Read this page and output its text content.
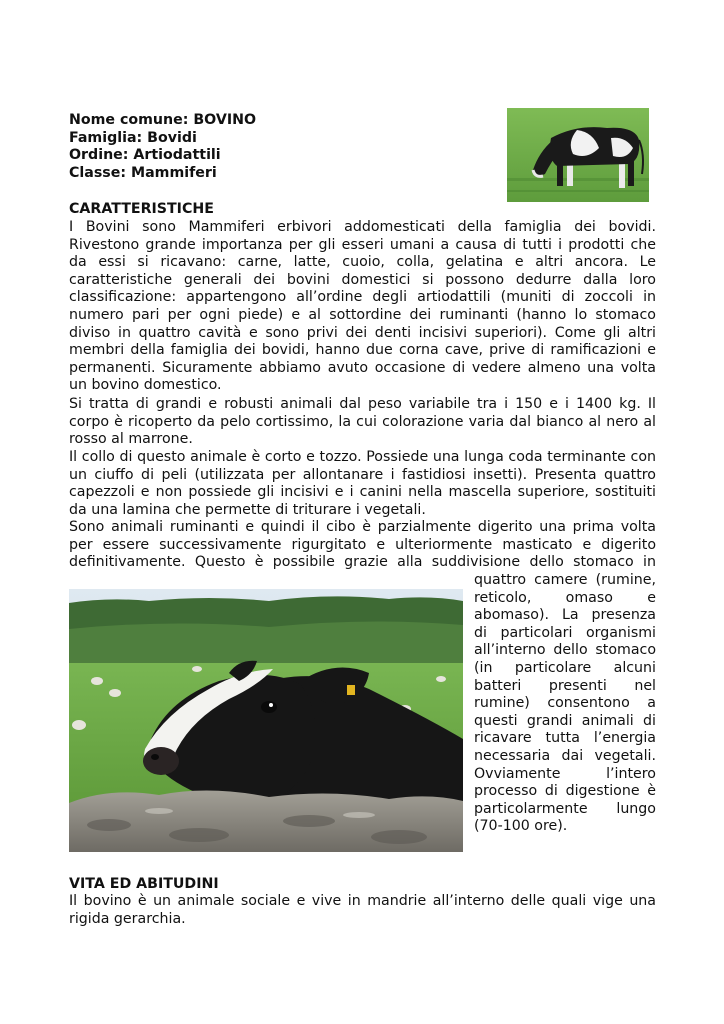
Nome comune: BOVINO
Famiglia: Bovidi
Ordine: Artiodattili
Classe: Mammiferi
CARATTERISTICHE
I Bovini sono Mammiferi erbivori addomesticati della famiglia dei bovidi. Rivestono grande importanza per gli esseri umani a causa di tutti i prodotti che da essi si ricavano: carne, latte, cuoio, colla, gelatina e altri ancora. Le caratteristiche generali dei bovini domestici si possono dedurre dalla loro classificazione: appartengono all’ordine degli artiodattili (muniti di zoccoli in numero pari per ogni piede) e al sottordine dei ruminanti (hanno lo stomaco diviso in quattro cavità e sono privi dei denti incisivi superiori). Come gli altri membri della famiglia dei bovidi, hanno due corna cave, prive di ramificazioni e permanenti. Sicuramente abbiamo avuto occasione di vedere almeno una volta un bovino domestico.
Si tratta di grandi e robusti animali dal peso variabile tra i 150 e i 1400 kg. Il corpo è ricoperto da pelo cortissimo, la cui colorazione varia dal bianco al nero al rosso al marrone.
Il collo di questo animale è corto e tozzo. Possiede una lunga coda terminante con un ciuffo di peli (utilizzata per allontanare i fastidiosi insetti). Presenta quattro capezzoli e non possiede gli incisivi e i canini nella mascella superiore, sostituiti da una lamina che permette di triturare i vegetali.
Sono animali ruminanti e quindi il cibo è parzialmente digerito una prima volta per essere successivamente rigurgitato e ulteriormente masticato e digerito definitivamente. Questo è possibile grazie alla suddivisione dello stomaco in
quattro camere (rumine, reticolo, omaso e abomaso). La presenza di particolari organismi all’interno dello stomaco (in particolare alcuni batteri presenti nel rumine) consentono a questi grandi animali di ricavare tutta l’energia necessaria dai vegetali. Ovviamente l’intero processo di digestione è particolarmente lungo (70-100 ore).
VITA ED ABITUDINI
Il bovino è un animale sociale e vive in mandrie all’interno delle quali vige una rigida gerarchia.
